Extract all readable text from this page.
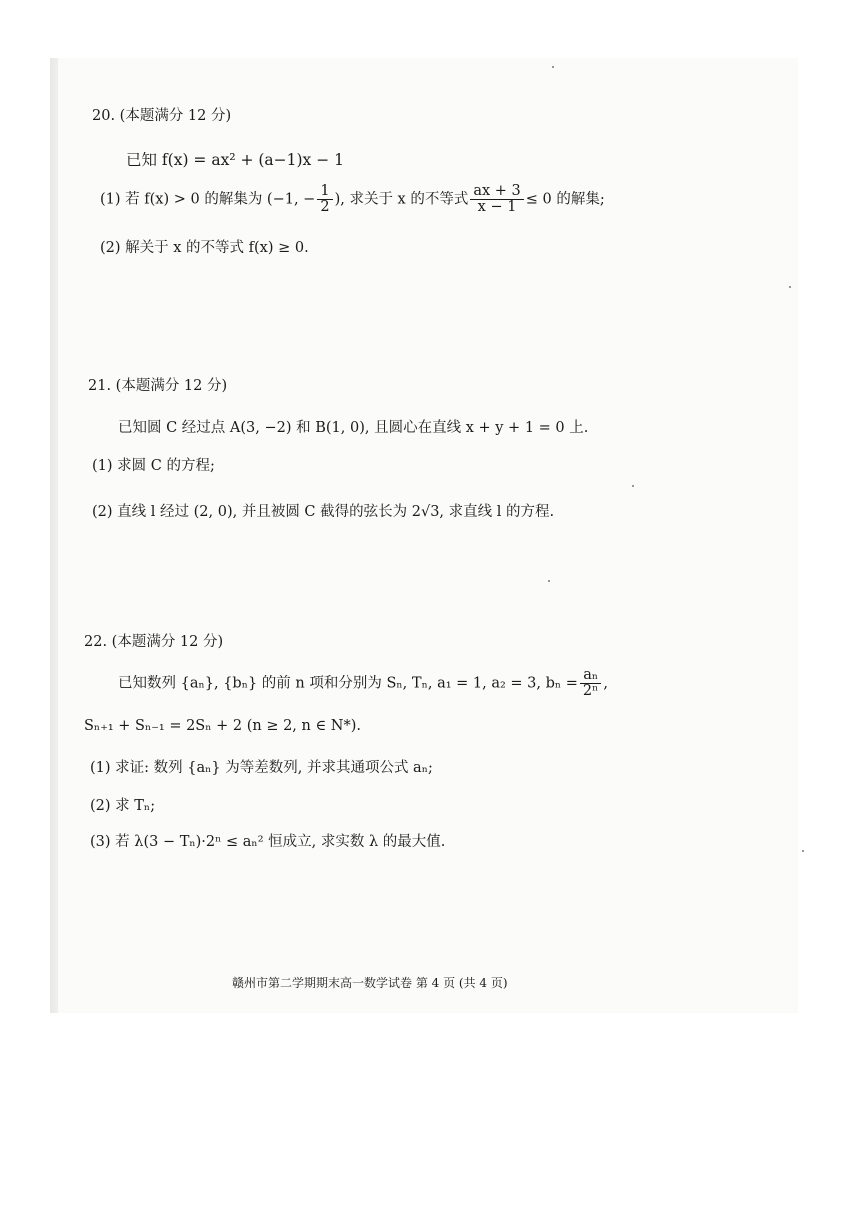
20. (本题满分 12 分)
已知 f(x) = ax² + (a−1)x − 1
(1) 若 f(x) > 0 的解集为 (−1, − $\frac{1}{2}$ ), 求关于 x 的不等式 $\frac{ax + 3}{x - 1} \le 0$ 的解集;
(2) 解关于 x 的不等式 f(x) ≥ 0.
21. (本题满分 12 分)
已知圆 C 经过点 A(3, −2) 和 B(1, 0), 且圆心在直线 x + y + 1 = 0 上.
(1) 求圆 C 的方程;
(2) 直线 l 经过 (2, 0), 并且被圆 C 截得的弦长为 2√3, 求直线 l 的方程.
22. (本题满分 12 分)
已知数列 {aₙ}, {bₙ} 的前 n 项和分别为 Sₙ, Tₙ, a₁ = 1, a₂ = 3, $b_n = \frac{\text{aₙ}}{\text{2ⁿ}}$ ,
Sₙ₊₁ + Sₙ₋₁ = 2Sₙ + 2 (n ≥ 2, n ∈ N*).
(1) 求证: 数列 {aₙ} 为等差数列, 并求其通项公式 aₙ;
(2) 求 Tₙ;
(3) 若 λ(3 − Tₙ)·2ⁿ ≤ aₙ² 恒成立, 求实数 λ 的最大值.
赣州市第二学期期末高一数学试卷 第 4 页 (共 4 页)
